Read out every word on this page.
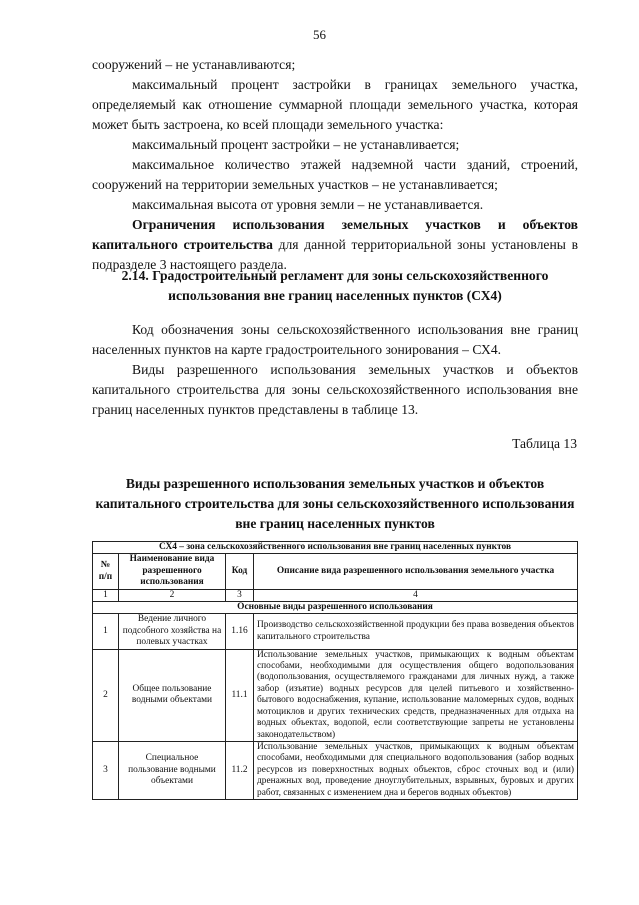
56

сооружений – не устанавливаются;

максимальный процент застройки в границах земельного участка, определяемый как отношение суммарной площади земельного участка, которая может быть застроена, ко всей площади земельного участка:

максимальный процент застройки – не устанавливается;

максимальное количество этажей надземной части зданий, строений, сооружений на территории земельных участков – не устанавливается;

максимальная высота от уровня земли – не устанавливается.

Ограничения использования земельных участков и объектов капитального строительства для данной территориальной зоны установлены в подразделе 3 настоящего раздела.

2.14. Градостроительный регламент для зоны сельскохозяйственного использования вне границ населенных пунктов (СХ4)

Код обозначения зоны сельскохозяйственного использования вне границ населенных пунктов на карте градостроительного зонирования – СХ4.

Виды разрешенного использования земельных участков и объектов капитального строительства для зоны сельскохозяйственного использования вне границ населенных пунктов представлены в таблице 13.

Таблица 13
Виды разрешенного использования земельных участков и объектов капитального строительства для зоны сельскохозяйственного использования вне границ населенных пунктов
СХ4 – зона сельскохозяйственного использования вне границ населенных пунктов			
№ п/п	Наименование вида разрешенного использования	Код	Описание вида разрешенного использования земельного участка
1	2	3	4
Основные виды разрешенного использования			
1	Ведение личного подсобного хозяйства на полевых участках	1.16	Производство сельскохозяйственной продукции без права возведения объектов капитального строительства
2	Общее пользование водными объектами	11.1	Использование земельных участков, примыкающих к водным объектам способами, необходимыми для осуществления общего водопользования (водопользования, осуществляемого гражданами для личных нужд, а также забор (изъятие) водных ресурсов для целей питьевого и хозяйственно-бытового водоснабжения, купание, использование маломерных судов, водных мотоциклов и других технических средств, предназначенных для отдыха на водных объектах, водопой, если соответствующие запреты не установлены законодательством)
3	Специальное пользование водными объектами	11.2	Использование земельных участков, примыкающих к водным объектам способами, необходимыми для специального водопользования (забор водных ресурсов из поверхностных водных объектов, сброс сточных вод и (или) дренажных вод, проведение дноуглубительных, взрывных, буровых и других работ, связанных с изменением дна и берегов водных объектов)
